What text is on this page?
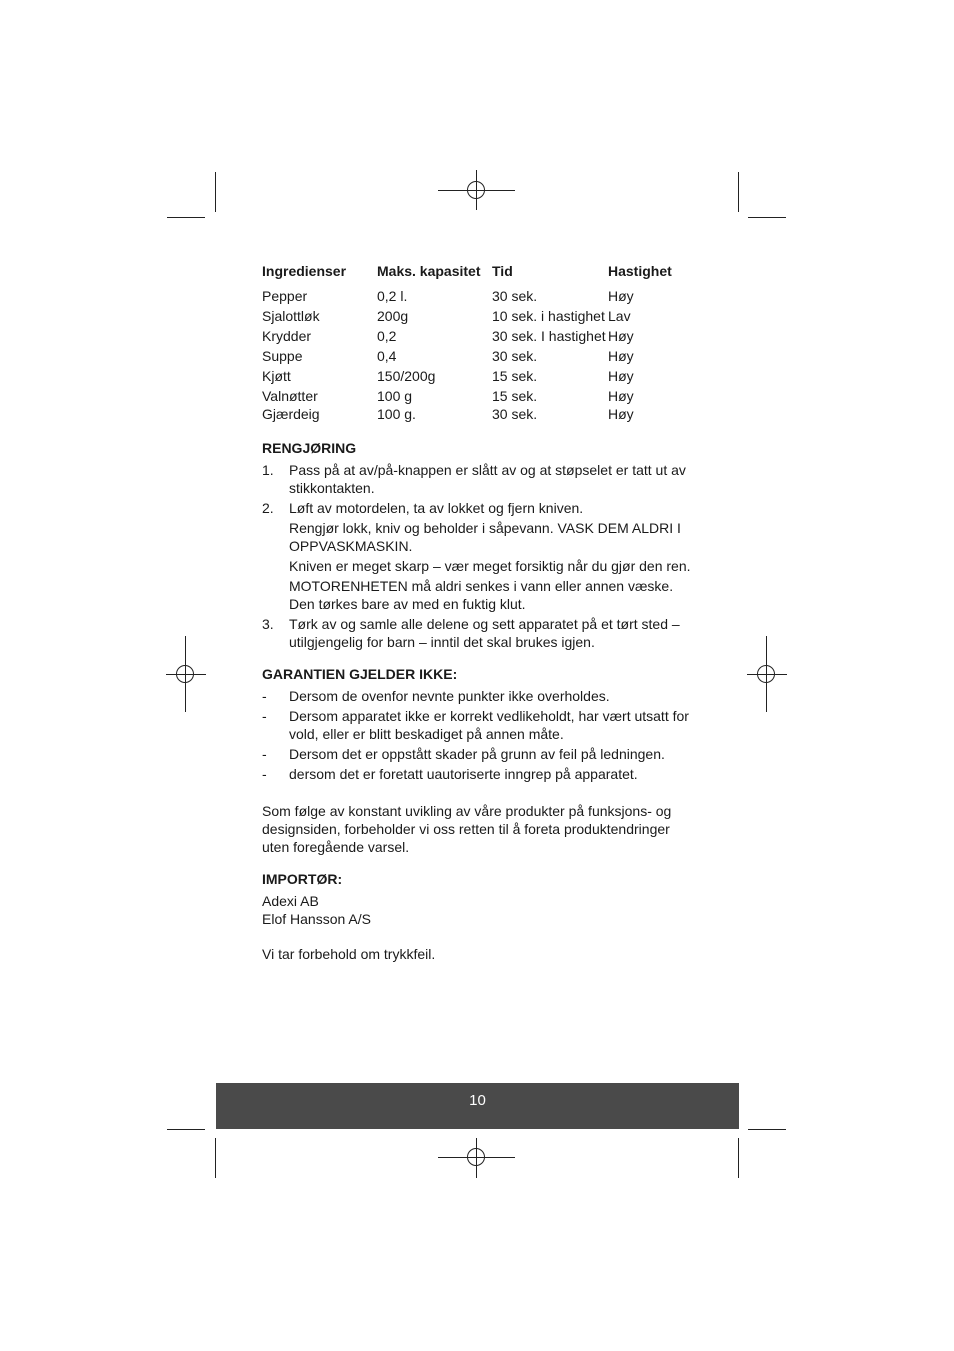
Ingredienser	Maks. kapasitet	Tid	Hastighet
Pepper	0,2 l.	30 sek.	Høy
Sjalottløk	200g	10 sek. i hastighet	Lav
Krydder	0,2	30 sek. I hastighet	Høy
Suppe	0,4	30 sek.	Høy
Kjøtt	150/200g	15 sek.	Høy
Valnøtter	100 g	15 sek.	Høy
Gjærdeig	100 g.	30 sek.	Høy
RENGJØRING
1.	Pass på at av/på-knappen er slått av og at støpselet er tatt ut av stikkontakten.
2.	Løft av motordelen, ta av lokket og fjern kniven.

Rengjør lokk, kniv og beholder i såpevann. VASK DEM ALDRI I OPPVASKMASKIN.

Kniven er meget skarp – vær meget forsiktig når du gjør den ren.

MOTORENHETEN må aldri senkes i vann eller annen væske. Den tørkes bare av med en fuktig klut.

3.	Tørk av og samle alle delene og sett apparatet på et tørt sted – utilgjengelig for barn – inntil det skal brukes igjen.
GARANTIEN GJELDER IKKE:
-	Dersom de ovenfor nevnte punkter ikke overholdes.
-	Dersom apparatet ikke er korrekt vedlikeholdt, har vært utsatt for vold, eller er blitt beskadiget på annen måte.
-	Dersom det er oppstått skader på grunn av feil på ledningen.
-	dersom det er foretatt uautoriserte inngrep på apparatet.

Som følge av konstant uvikling av våre produkter på funksjons- og designsiden, forbeholder vi oss retten til å foreta produktendringer uten foregående varsel.

IMPORTØR:

Adexi AB

Elof Hansson A/S

Vi tar forbehold om trykkfeil.

10
